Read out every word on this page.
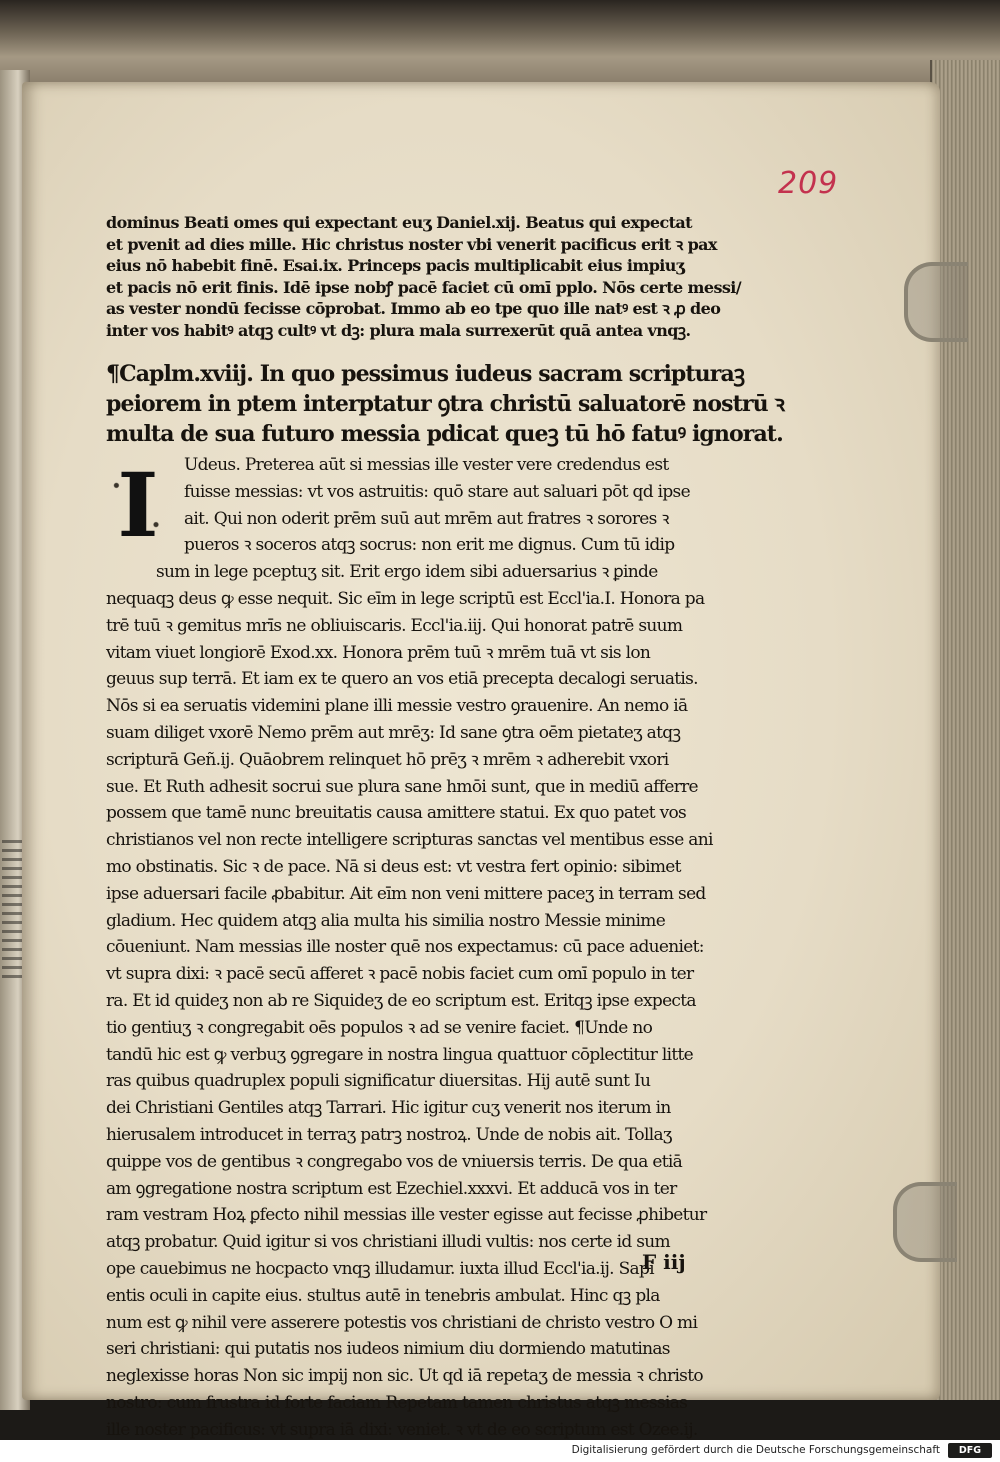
209
dominus Beati omes qui expectant euʒ Daniel.xij. Beatus qui expectat
et pvenit ad dies mille. Hic christus noster vbi venerit pacificus erit ꝛ pax
eius nō habebit finē. Esai.ix. Princeps pacis multiplicabit eius impiuʒ
et pacis nō erit finis. Idē ipse nobꝭ pacē faciet cū omī pplo. Nōs certe messi/
as vester nondū fecisse cōprobat. Immo ab eo tpe quo ille natꝰ est ꝛ ꝓ deo
inter vos habitꝰ atqꝫ cultꝰ vt dꝫ: plura mala surrexerūt quā antea vnqꝫ.
¶Caplm.xviij. In quo pessimus iudeus sacram scripturaꝫ
peiorem in ptem interptatur ꝯtra christū saluatorē nostrū ꝛ
multa de sua futuro messia pdicat queꝫ tū hō fatuꝰ ignorat.
I	Udeus. Preterea aūt si messias ille vester vere credendus est
fuisse messias: vt vos astruitis: quō stare aut saluari pōt qd ipse
ait. Qui non oderit prēm suū aut mrēm aut fratres ꝛ sorores ꝛ
pueros ꝛ soceros atqꝫ socrus: non erit me dignus. Cum tū idip
sum in lege pceptuʒ sit. Erit ergo idem sibi aduersarius ꝛ ꝑinde
nequaqꝫ deus ꝙ esse nequit. Sic eīm in lege scriptū est Eccl'ia.I. Honora pa
trē tuū ꝛ gemitus mrīs ne obliuiscaris. Eccl'ia.iij. Qui honorat patrē suum
vitam viuet longiorē Exod.xx. Honora prēm tuū ꝛ mrēm tuā vt sis lon
geuus sup terrā. Et iam ex te quero an vos etiā precepta decalogi seruatis.
Nōs si ea seruatis videmini plane illi messie vestro ꝯrauenire. An nemo iā
suam diliget vxorē Nemo prēm aut mrēʒ: Id sane ꝯtra oēm pietateʒ atqꝫ
scripturā Geñ.ij. Quāobrem relinquet hō prēʒ ꝛ mrēm ꝛ adherebit vxori
sue. Et Ruth adhesit socrui sue plura sane hmōi sunt, que in mediū afferre
possem que tamē nunc breuitatis causa amittere statui. Ex quo patet vos
christianos vel non recte intelligere scripturas sanctas vel mentibus esse ani
mo obstinatis. Sic ꝛ de pace. Nā si deus est: vt vestra fert opinio: sibimet
ipse aduersari facile ꝓbabitur. Ait eīm non veni mittere paceʒ in terram sed
gladium. Hec quidem atqꝫ alia multa his similia nostro Messie minime
cōueniunt. Nam messias ille noster quē nos expectamus: cū pace adueniet:
vt supra dixi: ꝛ pacē secū afferet ꝛ pacē nobis faciet cum omī populo in ter
ra. Et id quideʒ non ab re Siquideʒ de eo scriptum est. Eritqꝫ ipse expecta
tio gentiuʒ ꝛ congregabit oēs populos ꝛ ad se venire faciet. ¶Unde no
tandū hic est ꝙ verbuʒ ꝯgregare in nostra lingua quattuor cōplectitur litte
ras quibus quadruplex populi significatur diuersitas. Hij autē sunt Iu
dei Christiani Gentiles atqꝫ Tarrari. Hic igitur cuʒ venerit nos iterum in
hierusalem introducet in terraʒ patrꝫ nostroꝝ. Unde de nobis ait. Tollaʒ
quippe vos de gentibus ꝛ congregabo vos de vniuersis terris. De qua etiā
am ꝯgregatione nostra scriptum est Ezechiel.xxxvi. Et adducā vos in ter
ram vestram Hoꝝ ꝑfecto nihil messias ille vester egisse aut fecisse ꝓhibetur
atqꝫ probatur. Quid igitur si vos christiani illudi vultis: nos certe id sum
ope cauebimus ne hocpacto vnqꝫ illudamur. iuxta illud Eccl'ia.ij. Sapi
entis oculi in capite eius. stultus autē in tenebris ambulat. Hinc qꝫ pla
num est ꝙ nihil vere asserere potestis vos christiani de christo vestro O mi
seri christiani: qui putatis nos iudeos nimium diu dormiendo matutinas
neglexisse horas Non sic impij non sic. Ut qd iā repetaʒ de messia ꝛ christo
nostro: cum frustra id forte faciam Repetam tamen christus atqꝫ messias
ille noster pacificus: vt supra iā dixi: veniet. ꝛ vt de eo scriptum est Ozee.ij.
F iij
Digitalisierung gefördert durch die Deutsche Forschungsgemeinschaft	DFG
